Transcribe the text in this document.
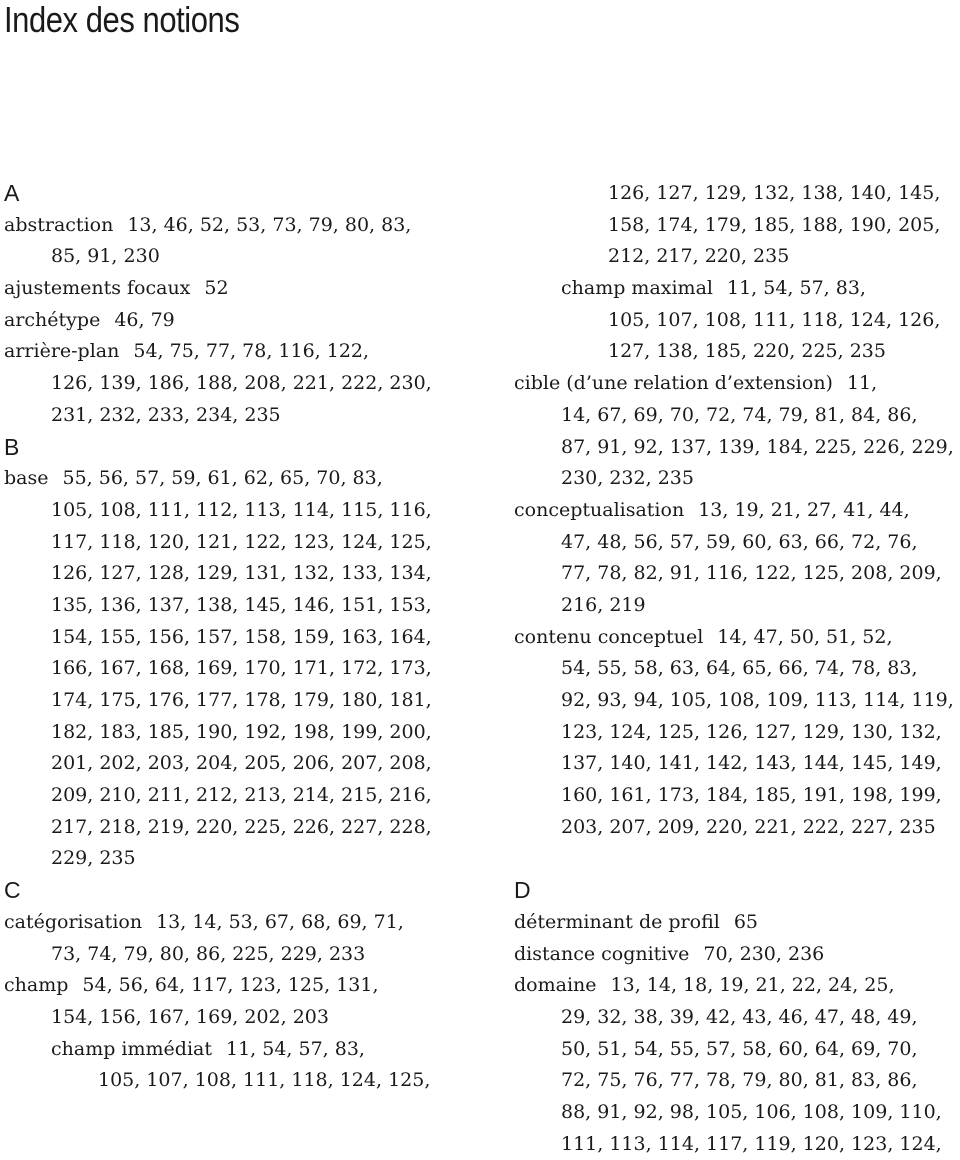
Index des notions
A
abstraction 13, 46, 52, 53, 73, 79, 80, 83,
85, 91, 230
ajustements focaux 52
archétype 46, 79
arrière-plan 54, 75, 77, 78, 116, 122,
126, 139, 186, 188, 208, 221, 222, 230,
231, 232, 233, 234, 235
B
base 55, 56, 57, 59, 61, 62, 65, 70, 83,
105, 108, 111, 112, 113, 114, 115, 116,
117, 118, 120, 121, 122, 123, 124, 125,
126, 127, 128, 129, 131, 132, 133, 134,
135, 136, 137, 138, 145, 146, 151, 153,
154, 155, 156, 157, 158, 159, 163, 164,
166, 167, 168, 169, 170, 171, 172, 173,
174, 175, 176, 177, 178, 179, 180, 181,
182, 183, 185, 190, 192, 198, 199, 200,
201, 202, 203, 204, 205, 206, 207, 208,
209, 210, 211, 212, 213, 214, 215, 216,
217, 218, 219, 220, 225, 226, 227, 228,
229, 235
C
catégorisation 13, 14, 53, 67, 68, 69, 71,
73, 74, 79, 80, 86, 225, 229, 233
champ 54, 56, 64, 117, 123, 125, 131,
154, 156, 167, 169, 202, 203
champ immédiat 11, 54, 57, 83,
105, 107, 108, 111, 118, 124, 125,
126, 127, 129, 132, 138, 140, 145,
158, 174, 179, 185, 188, 190, 205,
212, 217, 220, 235
champ maximal 11, 54, 57, 83,
105, 107, 108, 111, 118, 124, 126,
127, 138, 185, 220, 225, 235
cible (d’une relation d’extension) 11,
14, 67, 69, 70, 72, 74, 79, 81, 84, 86,
87, 91, 92, 137, 139, 184, 225, 226, 229,
230, 232, 235
conceptualisation 13, 19, 21, 27, 41, 44,
47, 48, 56, 57, 59, 60, 63, 66, 72, 76,
77, 78, 82, 91, 116, 122, 125, 208, 209,
216, 219
contenu conceptuel 14, 47, 50, 51, 52,
54, 55, 58, 63, 64, 65, 66, 74, 78, 83,
92, 93, 94, 105, 108, 109, 113, 114, 119,
123, 124, 125, 126, 127, 129, 130, 132,
137, 140, 141, 142, 143, 144, 145, 149,
160, 161, 173, 184, 185, 191, 198, 199,
203, 207, 209, 220, 221, 222, 227, 235
D
déterminant de profil 65
distance cognitive 70, 230, 236
domaine 13, 14, 18, 19, 21, 22, 24, 25,
29, 32, 38, 39, 42, 43, 46, 47, 48, 49,
50, 51, 54, 55, 57, 58, 60, 64, 69, 70,
72, 75, 76, 77, 78, 79, 80, 81, 83, 86,
88, 91, 92, 98, 105, 106, 108, 109, 110,
111, 113, 114, 117, 119, 120, 123, 124,
